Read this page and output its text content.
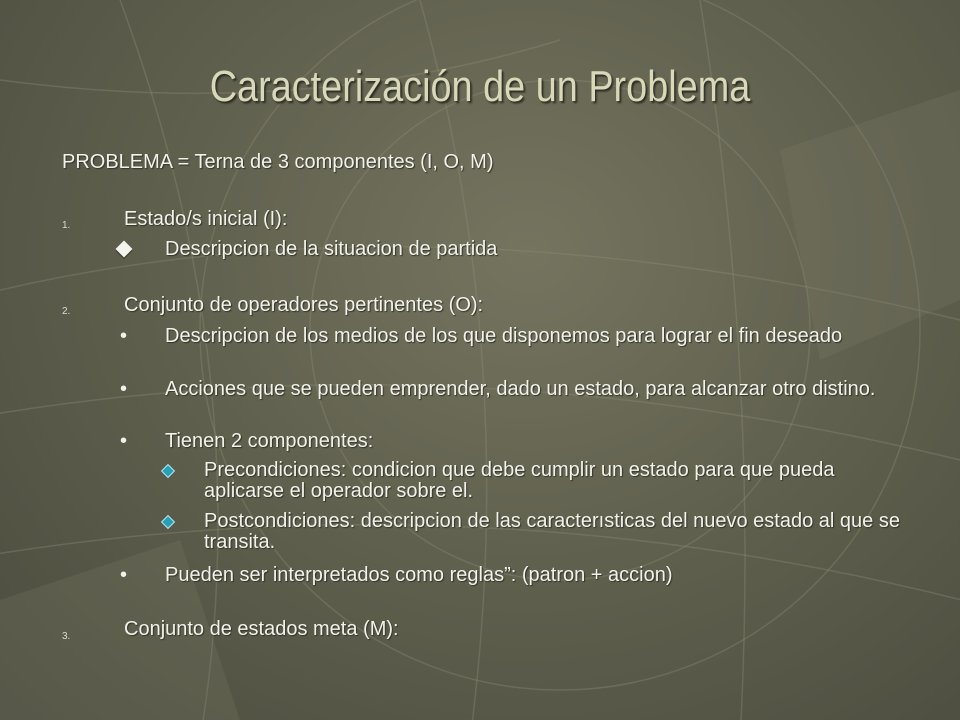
Caracterización de un Problema
PROBLEMA = Terna de 3 componentes (I, O, M)
1.	Estado/s inicial (I):
Descripcion de la situacion de partida
2.	Conjunto de operadores pertinentes (O):
• Descripcion de los medios de los que disponemos para lograr el fin deseado
• Acciones que se pueden emprender, dado un estado, para alcanzar otro distino.
• Tienen 2 componentes:
Precondiciones: condicion que debe cumplir un estado para que pueda aplicarse el operador sobre el.
Postcondiciones: descripcion de las caracterısticas del nuevo estado al que se transita.
• Pueden ser interpretados como reglas”: (patron + accion)
3.	Conjunto de estados meta (M):
